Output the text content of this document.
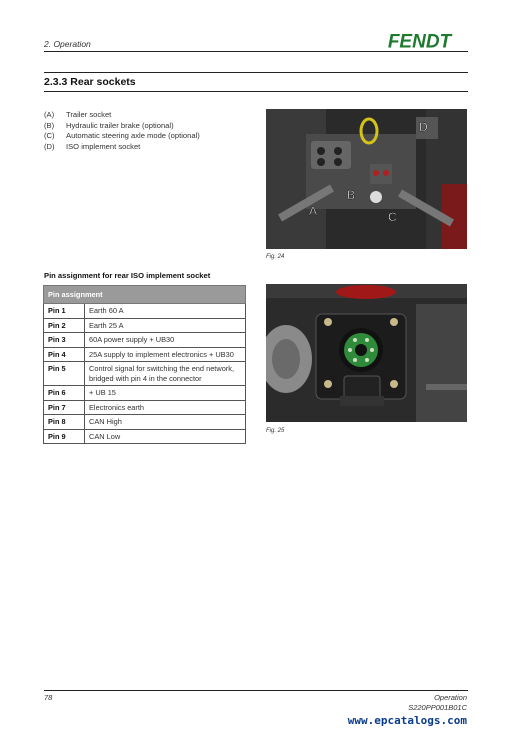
2. Operation	FENDT
2.3.3 Rear sockets
(A)	Trailer socket
(B)	Hydraulic trailer brake (optional)
(C)	Automatic steering axle mode (optional)
(D)	ISO implement socket
A
B
C
D
Fig. 24
Pin assignment for rear ISO implement socket
Pin assignment	
Pin 1	Earth 60 A
Pin 2	Earth 25 A
Pin 3	60A power supply + UB30
Pin 4	25A supply to implement electronics + UB30
Pin 5	Control signal for switching the end network, bridged with pin 4 in the connector
Pin 6	+ UB 15
Pin 7	Electronics earth
Pin 8	CAN High
Pin 9	CAN Low
Fig. 25
78	Operation
S220PP001B01C
www.epcatalogs.com
